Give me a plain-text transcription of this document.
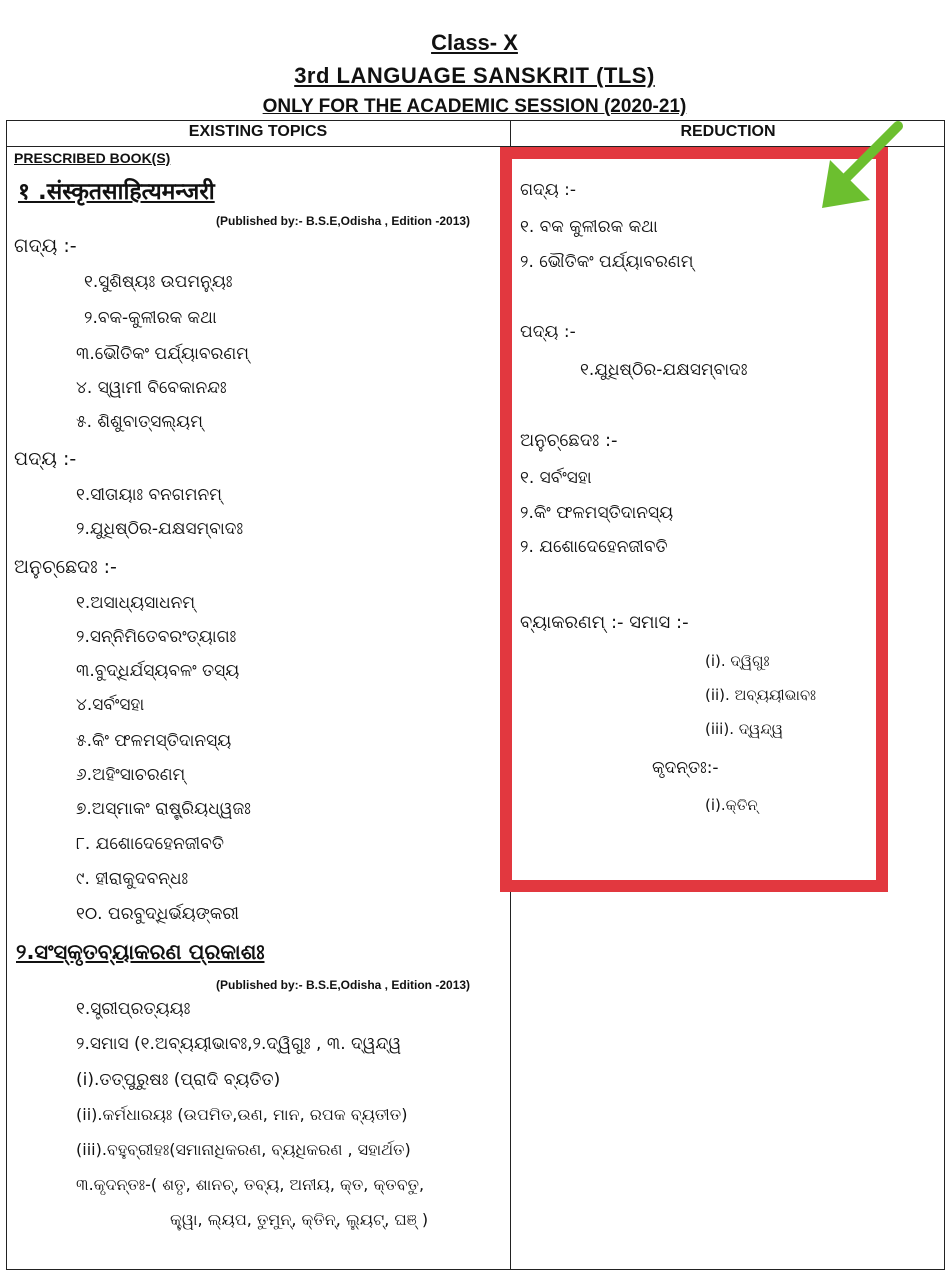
Class- X
3rd LANGUAGE SANSKRIT (TLS)
ONLY FOR THE ACADEMIC SESSION (2020-21)
EXISTING TOPICS	REDUCTION
PRESCRIBED BOOK(S)
१ .संस्कृतसाहित्यमन्जरी
(Published by:- B.S.E,Odisha , Edition -2013)
ଗଦ୍ୟ :-
୧.ସୁଶିଷ୍ୟଃ ଉପମନ୍ୟୁଃ
୨.ବକ-କୁଳୀରକ କଥା
୩.ଭୌତିକଂ ପର୍ଯ୍ୟାବରଣମ୍
୪. ସ୍ୱାମୀ ବିବେକାନନ୍ଦଃ
୫. ଶିଶୁବାତ୍ସଲ୍ୟମ୍
ପଦ୍ୟ :-
୧.ସୀତାୟାଃ ବନଗମନମ୍
୨.ଯୁଧିଷ୍ଠିର-ଯକ୍ଷସମ୍ବାଦଃ
ଅନୁଚ୍ଛେଦଃ :-
୧.ଅସାଧ୍ୟସାଧନମ୍
୨.ସନ୍ନିମିତେବରଂତ୍ୟାଗଃ
୩.ବୁଦ୍ଧିର୍ଯସ୍ୟବଳଂ ତସ୍ୟ
୪.ସର୍ବଂସହା
୫.କିଂ ଫଳମସ୍ତିଦାନସ୍ୟ
୬.ଅହିଂସାଚରଣମ୍
୭.ଅସ୍ମାକଂ ରାଷ୍ଟ୍ରିୟଧ୍ୱଜଃ
୮. ଯଶୋଦେହେନଜୀବତି
୯. ହୀରାକୁଦବନ୍ଧଃ
୧୦. ପରବୁଦ୍ଧିର୍ଭୟଙ୍କରୀ
୨.ସଂସ୍କୃତବ୍ୟାକରଣ ପ୍ରକାଶଃ
(Published by:- B.S.E,Odisha , Edition -2013)
୧.ସ୍ତ୍ରୀପ୍ରତ୍ୟୟଃ
୨.ସମାସ (୧.ଅବ୍ୟୟୀଭାବଃ,୨.ଦ୍ୱିଗୁଃ , ୩. ଦ୍ୱନ୍ଦ୍ୱ
(i).ତତ୍ପୁରୁଷଃ (ପ୍ରାଦି ବ୍ୟତିତ)
(ii).କର୍ମଧାରୟଃ (ଉପମିତ,ଉଣ, ମାନ, ରପକ ବ୍ୟତୀତ)
(iii).ବହୁବ୍ରୀହଃ(ସମାନାଧିକରଣ, ବ୍ୟଧିକରଣ , ସହାର୍ଥତ)
୩.କୃଦନ୍ତଃ-( ଶତୃ, ଶାନଚ୍, ତବ୍ୟ, ଅନୀୟ, କ୍ତ, କ୍ତବତୁ,
କ୍ତ୍ୱା, ଲ୍ୟପ, ତୁମୁନ୍, କ୍ତିନ୍, ଲ୍ୟୁଟ୍, ଘଞ୍ )
ଗଦ୍ୟ :-
୧. ବକ କୁଳୀରକ କଥା
୨. ଭୌତିକଂ ପର୍ଯ୍ୟାବରଣମ୍
ପଦ୍ୟ :-
୧.ଯୁଧିଷ୍ଠିର-ଯକ୍ଷସମ୍ବାଦଃ
ଅନୁଚ୍ଛେଦଃ :-
୧. ସର୍ବଂସହା
୨.କିଂ ଫଳମସ୍ତିଦାନସ୍ୟ
୨. ଯଶୋଦେହେନଜୀବତି
ବ୍ୟାକରଣମ୍ :- ସମାସ :-
(i). ଦ୍ୱିଗୁଃ
(ii). ଅବ୍ୟୟୀଭାବଃ
(iii). ଦ୍ୱନ୍ଦ୍ୱ
କୃଦନ୍ତଃ:-
(i).କ୍ତିନ୍
